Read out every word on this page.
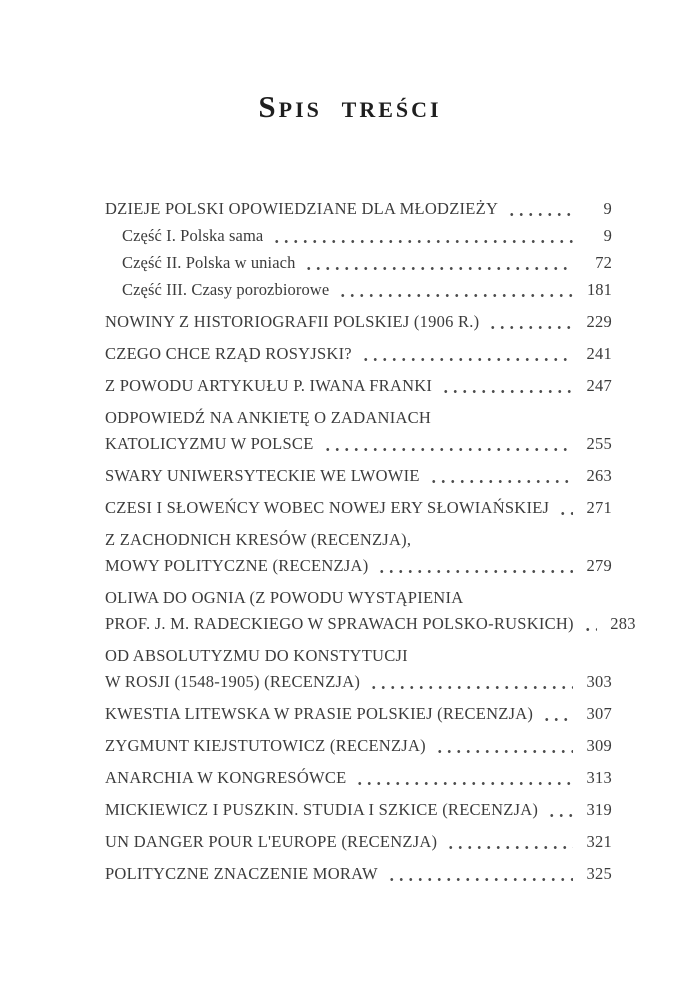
Spis treści
DZIEJE POLSKI OPOWIEDZIANE DLA MŁODZIEŻY	9
Część I. Polska sama	9
Część II. Polska w uniach	72
Część III. Czasy porozbiorowe	181
NOWINY Z HISTORIOGRAFII POLSKIEJ (1906 R.)	229
CZEGO CHCE RZĄD ROSYJSKI?	241
Z POWODU ARTYKUŁU P. IWANA FRANKI	247
ODPOWIEDŹ NA ANKIETĘ O ZADANIACH
KATOLICYZMU W POLSCE	255
SWARY UNIWERSYTECKIE WE LWOWIE	263
CZESI I SŁOWEŃCY WOBEC NOWEJ ERY SŁOWIAŃSKIEJ	271
Z ZACHODNICH KRESÓW (RECENZJA),
MOWY POLITYCZNE (RECENZJA)	279
OLIWA DO OGNIA (Z POWODU WYSTĄPIENIA
PROF. J. M. RADECKIEGO W SPRAWACH POLSKO-RUSKICH)	283
OD ABSOLUTYZMU DO KONSTYTUCJI
W ROSJI (1548-1905) (RECENZJA)	303
KWESTIA LITEWSKA W PRASIE POLSKIEJ (RECENZJA)	307
ZYGMUNT KIEJSTUTOWICZ (RECENZJA)	309
ANARCHIA W KONGRESÓWCE	313
MICKIEWICZ I PUSZKIN. STUDIA I SZKICE (RECENZJA)	319
UN DANGER POUR L'EUROPE (RECENZJA)	321
POLITYCZNE ZNACZENIE MORAW	325
